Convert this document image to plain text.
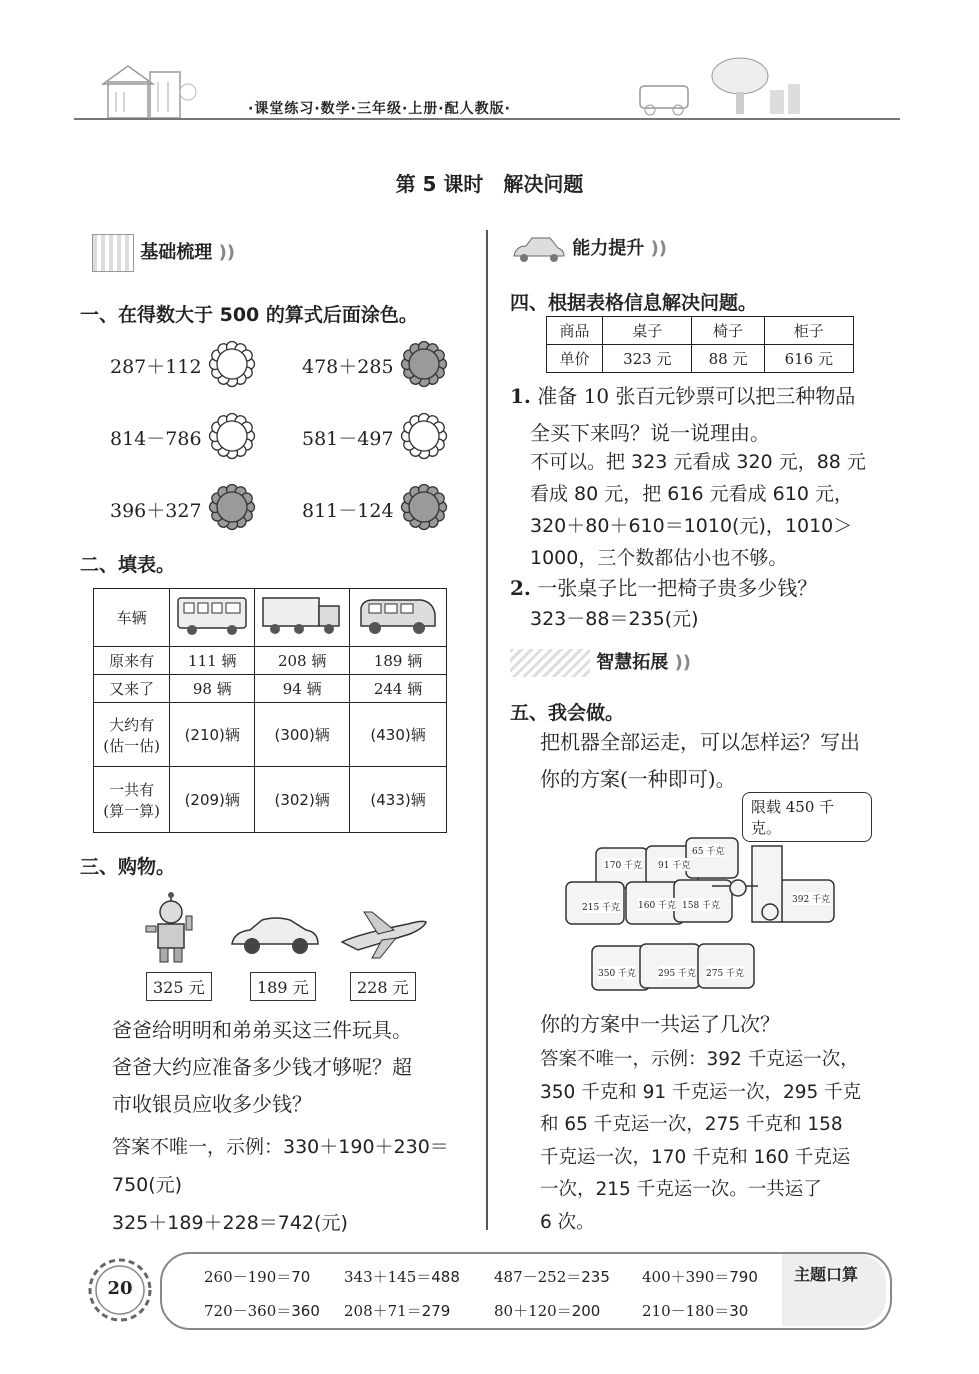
·课堂练习·数学·三年级·上册·配人教版·
第 5 课时　解决问题
基础梳理 ))
一、在得数大于 500 的算式后面涂色。
287＋112	478＋285
814－786	581－497
396＋327	811－124
二、填表。
车辆			
原来有	111 辆	208 辆	189 辆
又来了	98 辆	94 辆	244 辆

大约有
(估一估)	(210)辆	(300)辆	(430)辆

一共有
(算一算)	(209)辆	(302)辆	(433)辆
三、购物。
325 元	189 元	228 元
爸爸给明明和弟弟买这三件玩具。
爸爸大约应准备多少钱才够呢？超
市收银员应收多少钱？
答案不唯一，示例：330＋190＋230＝
750(元)
325＋189＋228＝742(元)
能力提升 ))
四、根据表格信息解决问题。
商品	桌子	椅子	柜子
单价	323 元	88 元	616 元
1. 准备 10 张百元钞票可以把三种物品
全买下来吗？说一说理由。
不可以。把 323 元看成 320 元，88 元
看成 80 元，把 616 元看成 610 元，
320＋80＋610＝1010(元)，1010＞
1000，三个数都估小也不够。
2. 一张桌子比一把椅子贵多少钱？
323－88＝235(元)
智慧拓展 ))
五、我会做。
把机器全部运走，可以怎样运？写出
你的方案(一种即可)。
限载 450 千克。
170 千克 91 千克
65 千克
215 千克 160 千克 158 千克
392 千克
350 千克 295 千克 275 千克
你的方案中一共运了几次？
答案不唯一，示例：392 千克运一次，
350 千克和 91 千克运一次，295 千克
和 65 千克运一次，275 千克和 158
千克运一次，170 千克和 160 千克运
一次，215 千克运一次。一共运了
6 次。
20
260－190＝70 343＋145＝488 487－252＝235 400＋390＝790
720－360＝360 208＋71＝279	80＋120＝200	210－180＝30
主题口算
